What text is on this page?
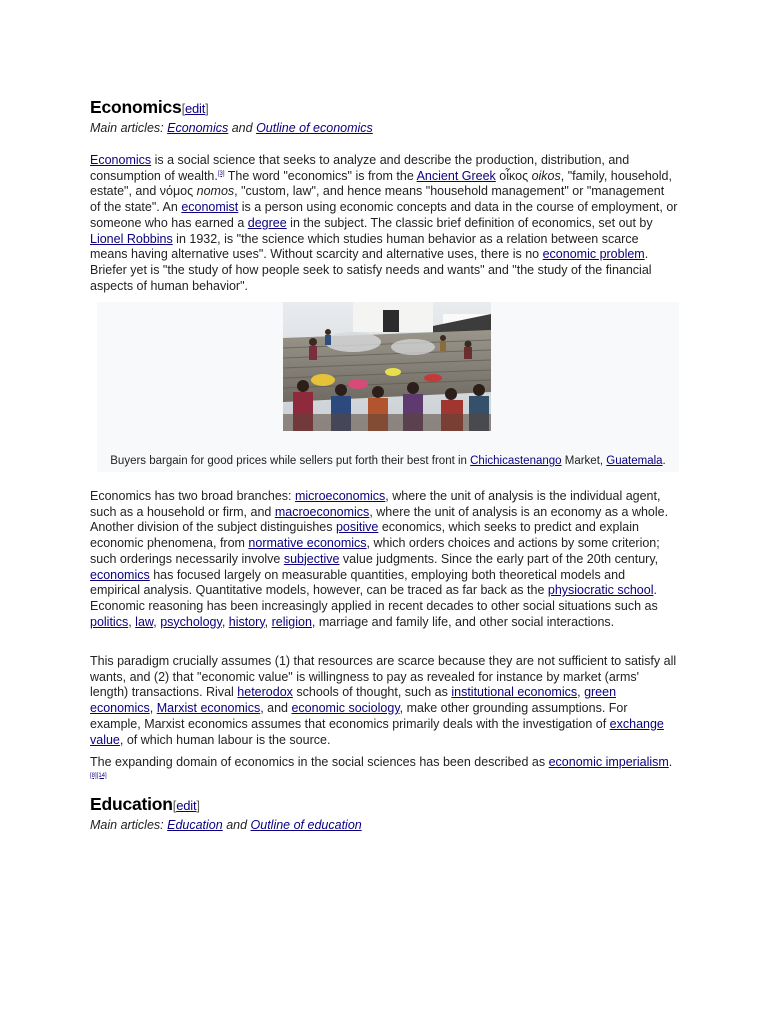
Economics[edit]
Main articles: Economics and Outline of economics

Economics is a social science that seeks to analyze and describe the production, distribution, and consumption of wealth.[3] The word "economics" is from the Ancient Greek οἶκος oikos, "family, household, estate", and νόμος nomos, "custom, law", and hence means "household management" or "management of the state". An economist is a person using economic concepts and data in the course of employment, or someone who has earned a degree in the subject. The classic brief definition of economics, set out by Lionel Robbins in 1932, is "the science which studies human behavior as a relation between scarce means having alternative uses". Without scarcity and alternative uses, there is no economic problem. Briefer yet is "the study of how people seek to satisfy needs and wants" and "the study of the financial aspects of human behavior".

Buyers bargain for good prices while sellers put forth their best front in Chichicastenango Market, Guatemala.

Economics has two broad branches: microeconomics, where the unit of analysis is the individual agent, such as a household or firm, and macroeconomics, where the unit of analysis is an economy as a whole. Another division of the subject distinguishes positive economics, which seeks to predict and explain economic phenomena, from normative economics, which orders choices and actions by some criterion; such orderings necessarily involve subjective value judgments. Since the early part of the 20th century, economics has focused largely on measurable quantities, employing both theoretical models and empirical analysis. Quantitative models, however, can be traced as far back as the physiocratic school. Economic reasoning has been increasingly applied in recent decades to other social situations such as politics, law, psychology, history, religion, marriage and family life, and other social interactions.

This paradigm crucially assumes (1) that resources are scarce because they are not sufficient to satisfy all wants, and (2) that "economic value" is willingness to pay as revealed for instance by market (arms' length) transactions. Rival heterodox schools of thought, such as institutional economics, green economics, Marxist economics, and economic sociology, make other grounding assumptions. For example, Marxist economics assumes that economics primarily deals with the investigation of exchange value, of which human labour is the source.

The expanding domain of economics in the social sciences has been described as economic imperialism.[8][14]

Education[edit]
Main articles: Education and Outline of education
